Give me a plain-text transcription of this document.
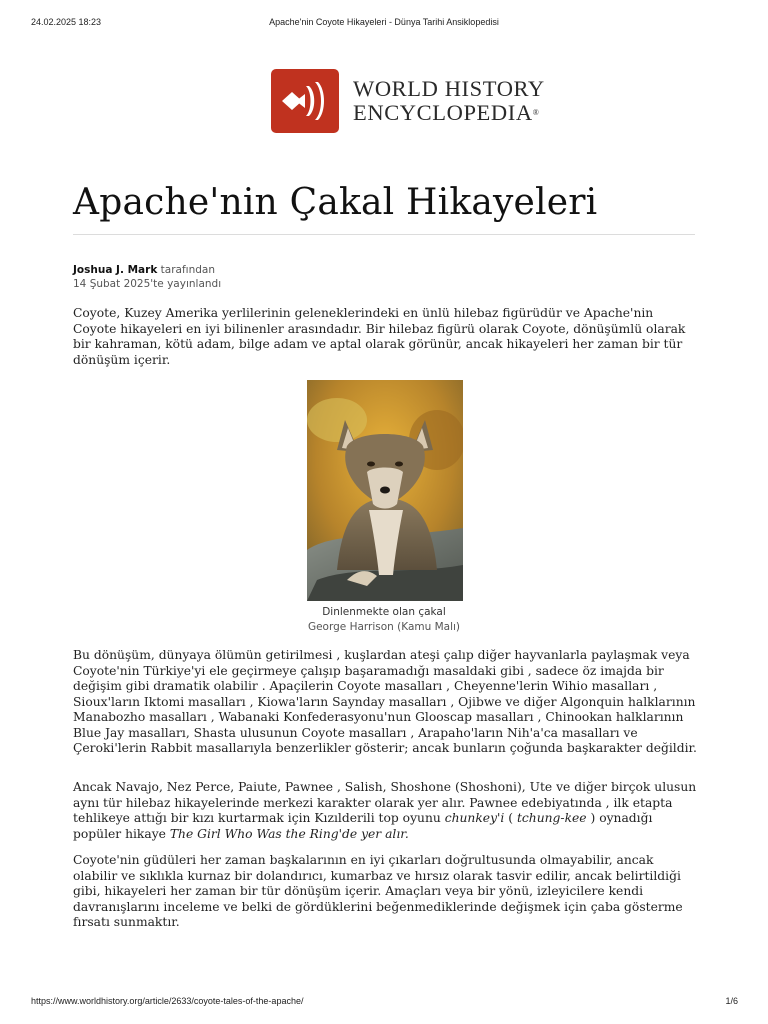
24.02.2025 18:23	Apache'nin Coyote Hikayeleri - Dünya Tarihi Ansiklopedisi
WORLD HISTORY
ENCYCLOPEDIA®
Apache'nin Çakal Hikayeleri
Joshua J. Mark tarafından
14 Şubat 2025'te yayınlandı

Coyote, Kuzey Amerika yerlilerinin geleneklerindeki en ünlü hilebaz figürüdür ve Apache'nin Coyote hikayeleri en iyi bilinenler arasındadır. Bir hilebaz figürü olarak Coyote, dönüşümlü olarak bir kahraman, kötü adam, bilge adam ve aptal olarak görünür, ancak hikayeleri her zaman bir tür dönüşüm içerir.

Dinlenmekte olan çakal
George Harrison (Kamu Malı)

Bu dönüşüm, dünyaya ölümün getirilmesi , kuşlardan ateşi çalıp diğer hayvanlarla paylaşmak veya Coyote'nin Türkiye'yi ele geçirmeye çalışıp başaramadığı masaldaki gibi , sadece öz imajda bir değişim gibi dramatik olabilir . Apaçilerin Coyote masalları , Cheyenne'lerin Wihio masalları , Sioux'ların Iktomi masalları , Kiowa'ların Saynday masalları , Ojibwe ve diğer Algonquin halklarının Manabozho masalları , Wabanaki Konfederasyonu'nun Glooscap masalları , Chinookan halklarının Blue Jay masalları, Shasta ulusunun Coyote masalları , Arapaho'ların Nih'a'ca masalları ve Çeroki'lerin Rabbit masallarıyla benzerlikler gösterir; ancak bunların çoğunda başkarakter değildir.

Ancak Navajo, Nez Perce, Paiute, Pawnee , Salish, Shoshone (Shoshoni), Ute ve diğer birçok ulusun aynı tür hilebaz hikayelerinde merkezi karakter olarak yer alır. Pawnee edebiyatında , ilk etapta tehlikeye attığı bir kızı kurtarmak için Kızılderili top oyunu chunkey'i ( tchung-kee ) oynadığı popüler hikaye The Girl Who Was the Ring'de yer alır.

Coyote'nin güdüleri her zaman başkalarının en iyi çıkarları doğrultusunda olmayabilir, ancak olabilir ve sıklıkla kurnaz bir dolandırıcı, kumarbaz ve hırsız olarak tasvir edilir, ancak belirtildiği gibi, hikayeleri her zaman bir tür dönüşüm içerir. Amaçları veya bir yönü, izleyicilere kendi davranışlarını inceleme ve belki de gördüklerini beğenmediklerinde değişmek için çaba gösterme fırsatı sunmaktır.

https://www.worldhistory.org/article/2633/coyote-tales-of-the-apache/	1/6
